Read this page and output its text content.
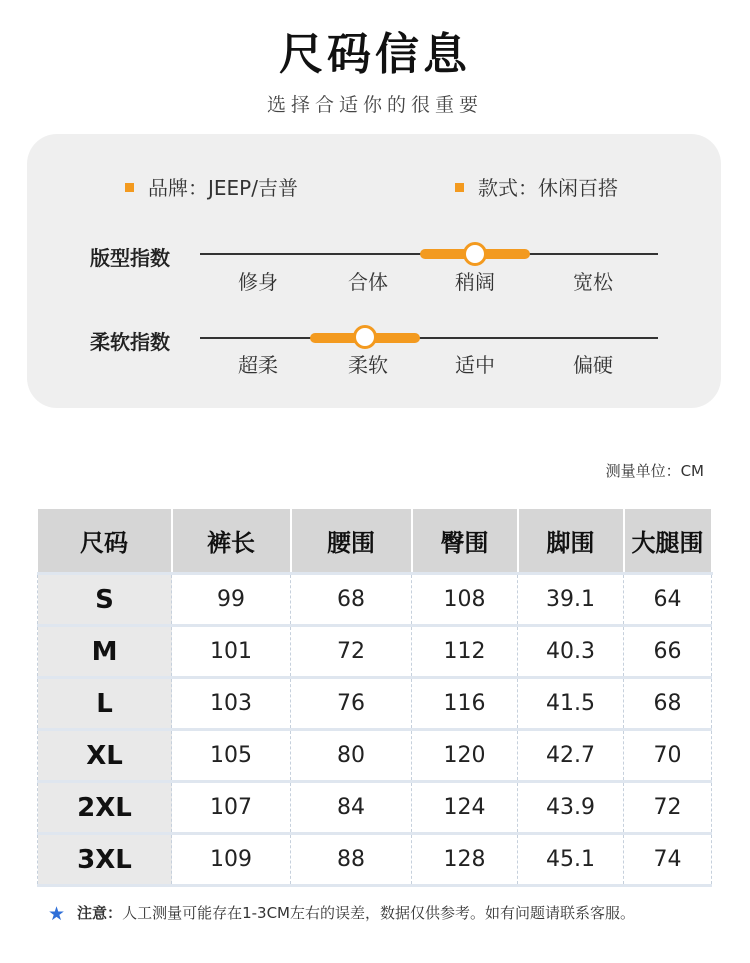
尺码信息
选择合适你的很重要
品牌：JEEP/吉普	款式：休闲百搭
版型指数
修身	合体	稍阔	宽松
柔软指数
超柔	柔软	适中	偏硬
测量单位：CM
尺码	裤长	腰围	臀围	脚围	大腿围
S	99	68	108	39.1	64
M	101	72	112	40.3	66
L	103	76	116	41.5	68
XL	105	80	120	42.7	70
2XL	107	84	124	43.9	72
3XL	109	88	128	45.1	74
★ 注意：人工测量可能存在1-3CM左右的误差，数据仅供参考。如有问题请联系客服。
